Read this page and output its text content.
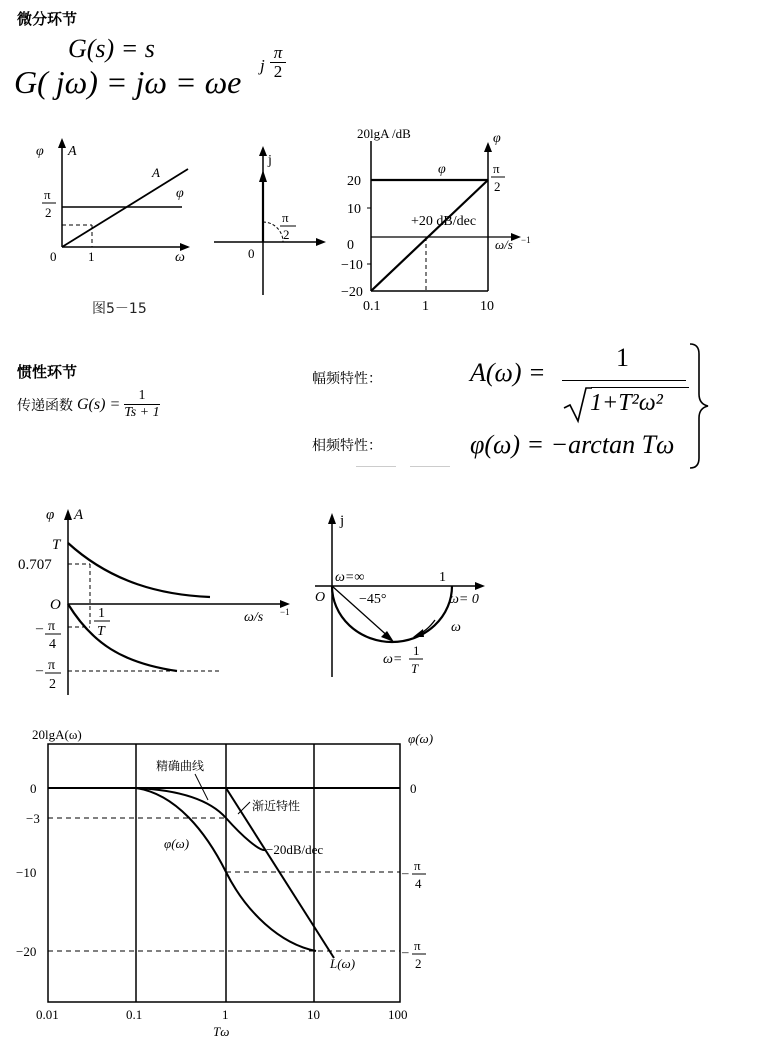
微分环节
G(s) = s
G( jω) = jω = ωe j $\frac{\pi}{2}$
φ A
π
2
0 1	ω
A
φ
j
0
π
2
20lgA /dB	φ
20
10
0
−10
−20
0.1	1	10
ω/s −1
+20 dB/dec
φ	π
2
图5－15
惯性环节
传递函数 $G(s) = \frac{1}{Ts + 1}$
幅频特性：
相频特性：
A(ω) =
1
1+T²ω²
φ(ω) = −arctan Tω
φ A
T
0.707
O
1
T
ω/s −1
– π
4
– π
2
j
ω=∞	1
O −45°	ω= 0
ω
ω=
1
T
20lgA(ω)	φ(ω)
0
−3
−10
−20
0
– π
4
– π
2
0.01	0.1	1	10	100
Tω
精确曲线
渐近特性
−20dB/dec
φ(ω)
L(ω)
